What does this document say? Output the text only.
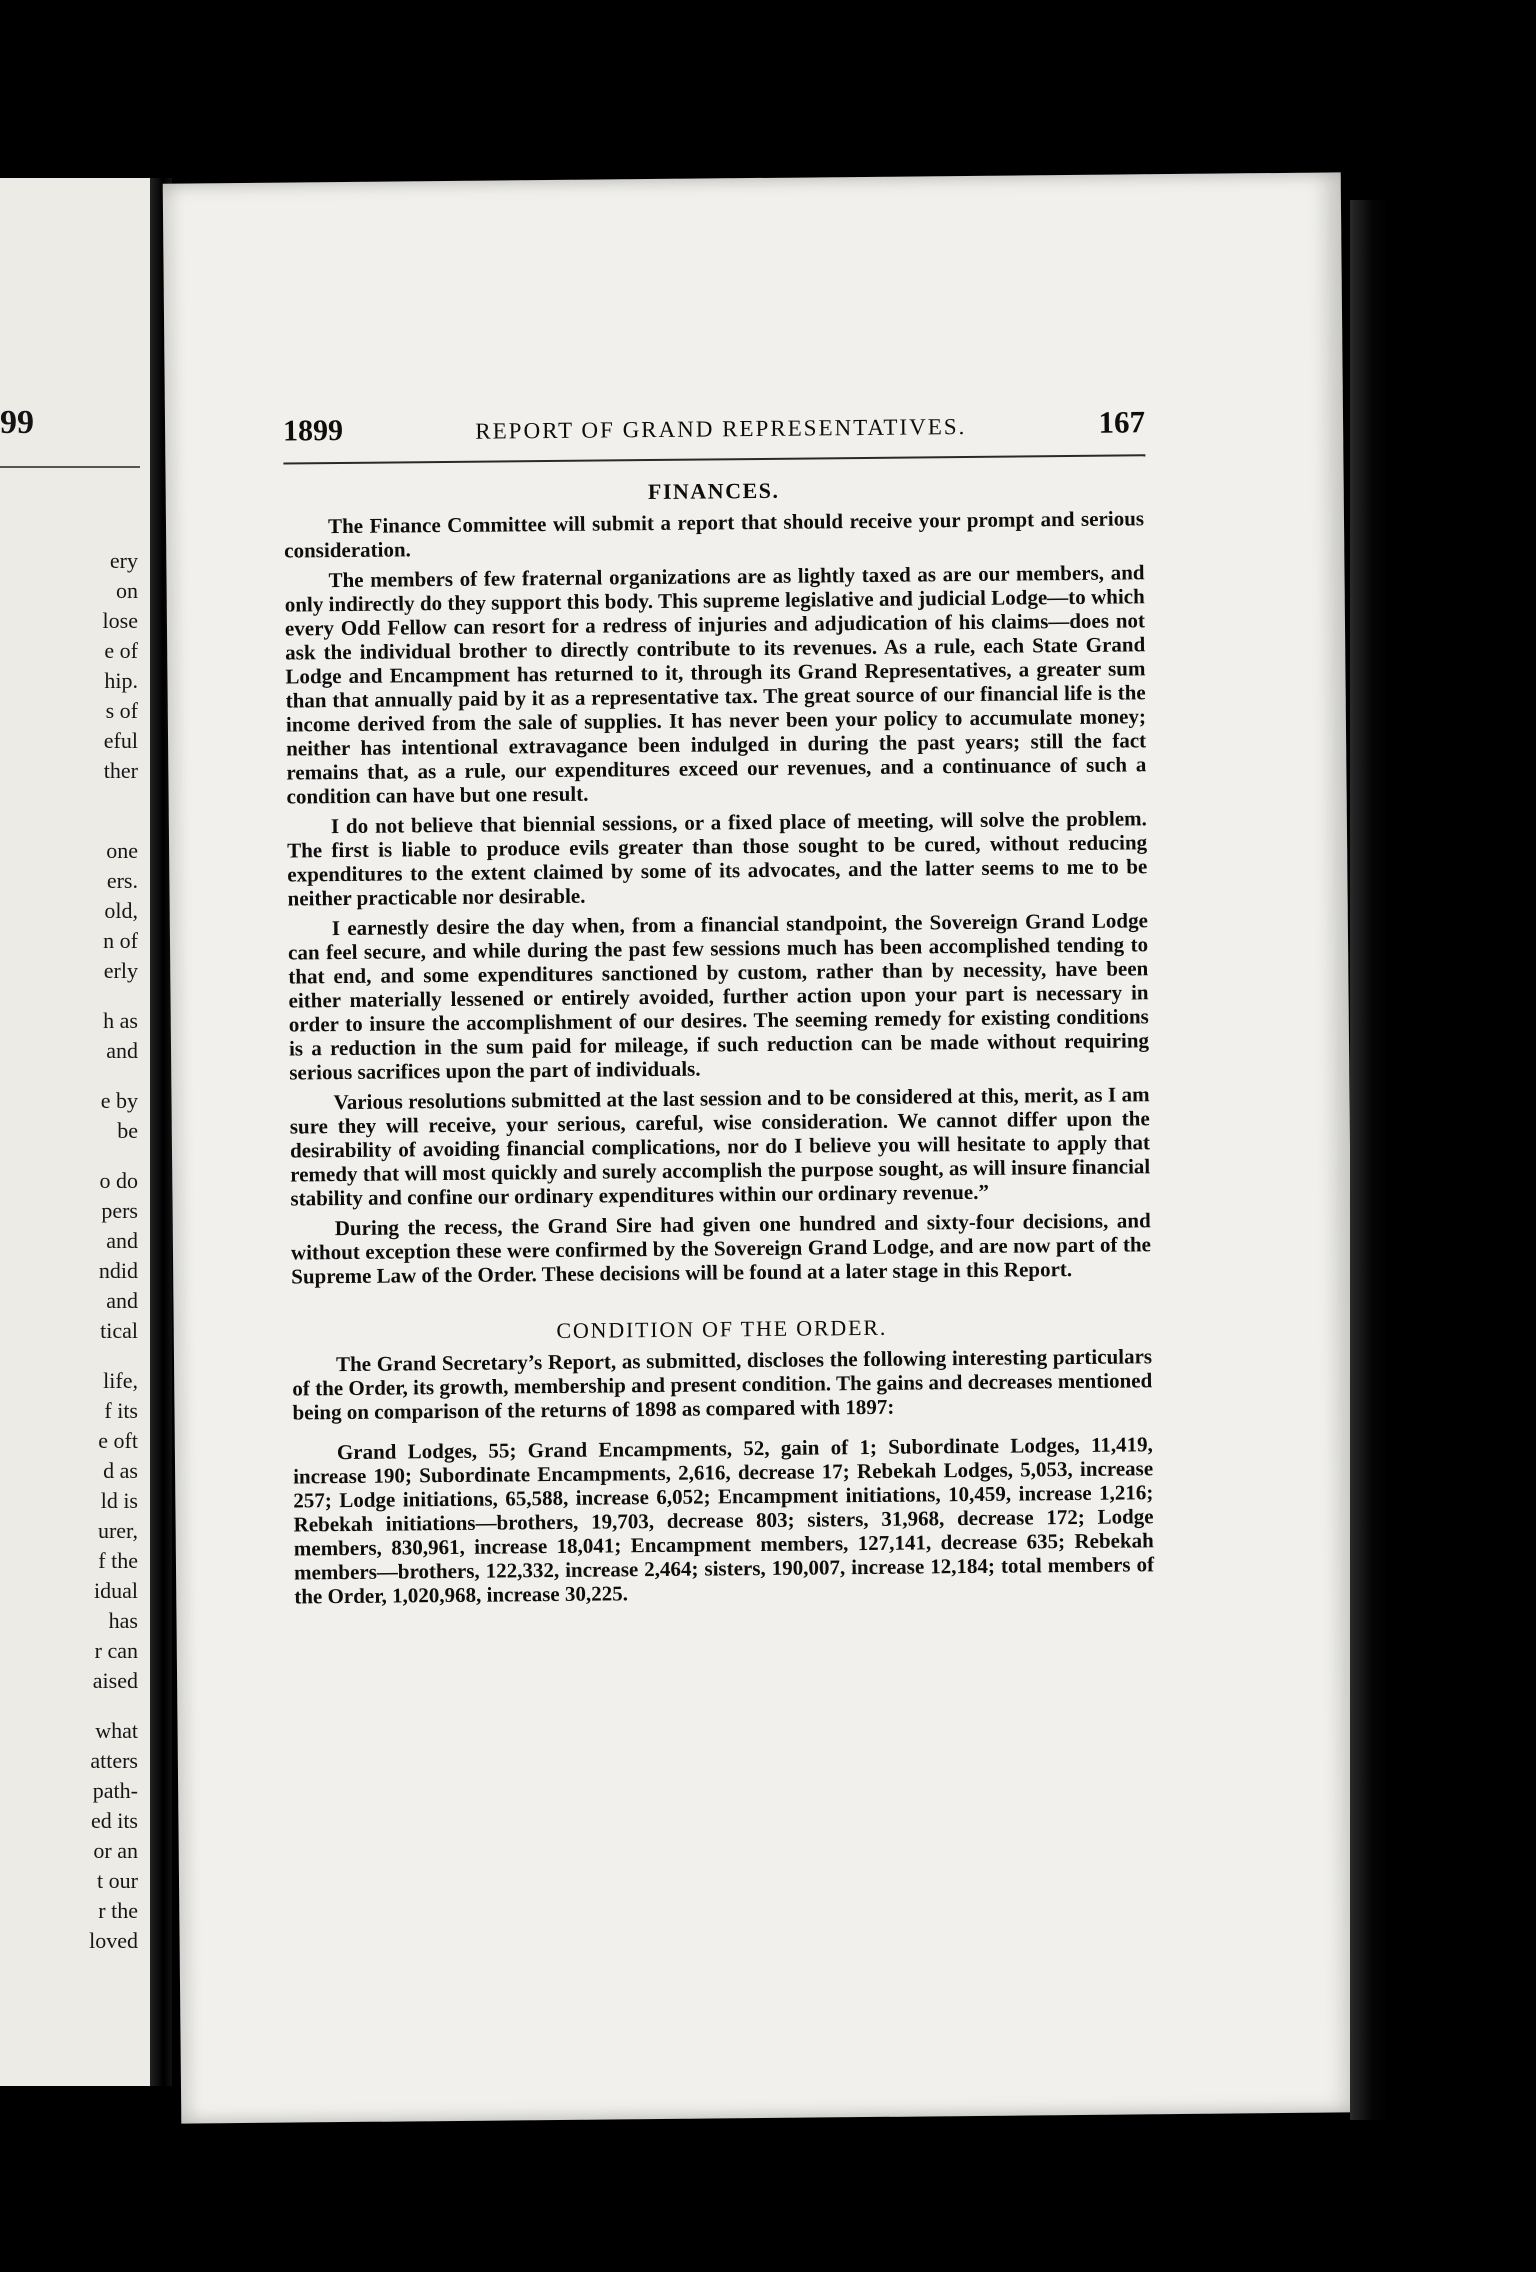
99
ery
on
lose
e of
hip.
s of
eful
ther
one
ers.
old,
n of
erly
h as
and
e by
be
o do
pers
and
ndid
and
tical
life,
f its
e oft
d as
ld is
urer,
f the
idual
has
r can
aised
what
atters
path-
ed its
or an
t our
r the
loved
1899	REPORT OF GRAND REPRESENTATIVES.	167
FINANCES.

The Finance Committee will submit a report that should receive your prompt and serious consideration.

The members of few fraternal organizations are as lightly taxed as are our members, and only indirectly do they support this body. This supreme legislative and judicial Lodge—to which every Odd Fellow can resort for a redress of injuries and adjudication of his claims—does not ask the individual brother to directly contribute to its revenues. As a rule, each State Grand Lodge and Encampment has returned to it, through its Grand Representatives, a greater sum than that annually paid by it as a representative tax. The great source of our financial life is the income derived from the sale of supplies. It has never been your policy to accumulate money; neither has intentional extravagance been indulged in during the past years; still the fact remains that, as a rule, our expenditures exceed our revenues, and a continuance of such a condition can have but one result.

I do not believe that biennial sessions, or a fixed place of meeting, will solve the problem. The first is liable to produce evils greater than those sought to be cured, without reducing expenditures to the extent claimed by some of its advocates, and the latter seems to me to be neither practicable nor desirable.

I earnestly desire the day when, from a financial standpoint, the Sovereign Grand Lodge can feel secure, and while during the past few sessions much has been accomplished tending to that end, and some expenditures sanctioned by custom, rather than by necessity, have been either materially lessened or entirely avoided, further action upon your part is necessary in order to insure the accomplishment of our desires. The seeming remedy for existing conditions is a reduction in the sum paid for mileage, if such reduction can be made without requiring serious sacrifices upon the part of individuals.

Various resolutions submitted at the last session and to be considered at this, merit, as I am sure they will receive, your serious, careful, wise consideration. We cannot differ upon the desirability of avoiding financial complications, nor do I believe you will hesitate to apply that remedy that will most quickly and surely accomplish the purpose sought, as will insure financial stability and confine our ordinary expenditures within our ordinary revenue.”

During the recess, the Grand Sire had given one hundred and sixty-four decisions, and without exception these were confirmed by the Sovereign Grand Lodge, and are now part of the Supreme Law of the Order. These decisions will be found at a later stage in this Report.

CONDITION OF THE ORDER.

The Grand Secretary’s Report, as submitted, discloses the following interesting particulars of the Order, its growth, membership and present condition. The gains and decreases mentioned being on comparison of the returns of 1898 as compared with 1897:

Grand Lodges, 55; Grand Encampments, 52, gain of 1; Subordinate Lodges, 11,419, increase 190; Subordinate Encampments, 2,616, decrease 17; Rebekah Lodges, 5,053, increase 257; Lodge initiations, 65,588, increase 6,052; Encampment initiations, 10,459, increase 1,216; Rebekah initiations—brothers, 19,703, decrease 803; sisters, 31,968, decrease 172; Lodge members, 830,961, increase 18,041; Encampment members, 127,141, decrease 635; Rebekah members—brothers, 122,332, increase 2,464; sisters, 190,007, increase 12,184; total members of the Order, 1,020,968, increase 30,225.
